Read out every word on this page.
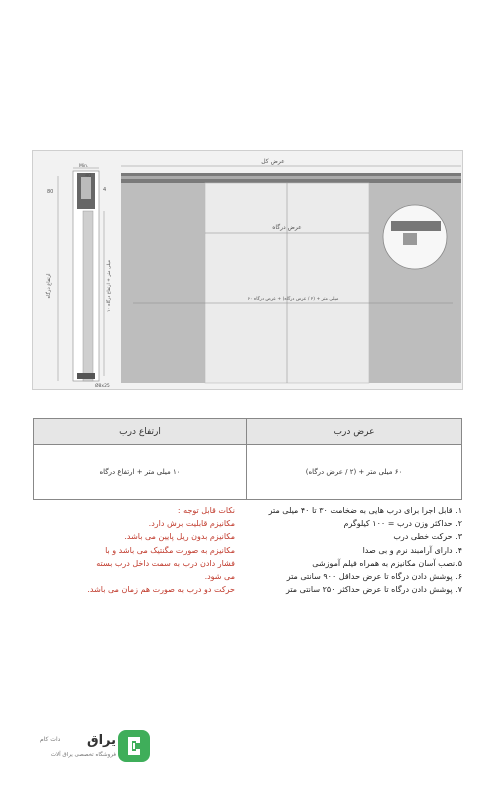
عرض کل
عرض درگاه
۶۰ میلی متر + (۲ / عرض درگاه) + عرض درگاه
ارتفاع درگاه
۱۰ میلی متر + ارتفاع درگاه
80
40
4
Min.
Ø8x25
عرض درب
ارتفاع درب
۶۰ میلی متر + (۲ / عرض درگاه)
۱۰ میلی متر + ارتفاع درگاه
۱. قابل اجرا برای درب هایی به ضخامت ۳۰ تا ۴۰ میلی متر
۲. حداکثر وزن درب = ۱۰۰ کیلوگرم
۳. حرکت خطی درب
۴. دارای آرامبند نرم و بی صدا
۵.نصب آسان مکانیزم به همراه فیلم آموزشی
۶. پوشش دادن درگاه تا عرض حداقل ۹۰۰ سانتی متر
۷. پوشش دادن درگاه تا عرض حداکثر ۲۵۰ سانتی متر
نکات قابل توجه :
مکانیزم قابلیت برش دارد.
مکانیزم بدون ریل پایین می باشد.
مکانیزم به صورت مگنتیک می باشد و با
فشار دادن درب به سمت داخل درب بسته
می شود.
حرکت دو درب به صورت هم زمان می باشد.
یراق
دات کام
فروشگاه تخصصی یراق آلات
